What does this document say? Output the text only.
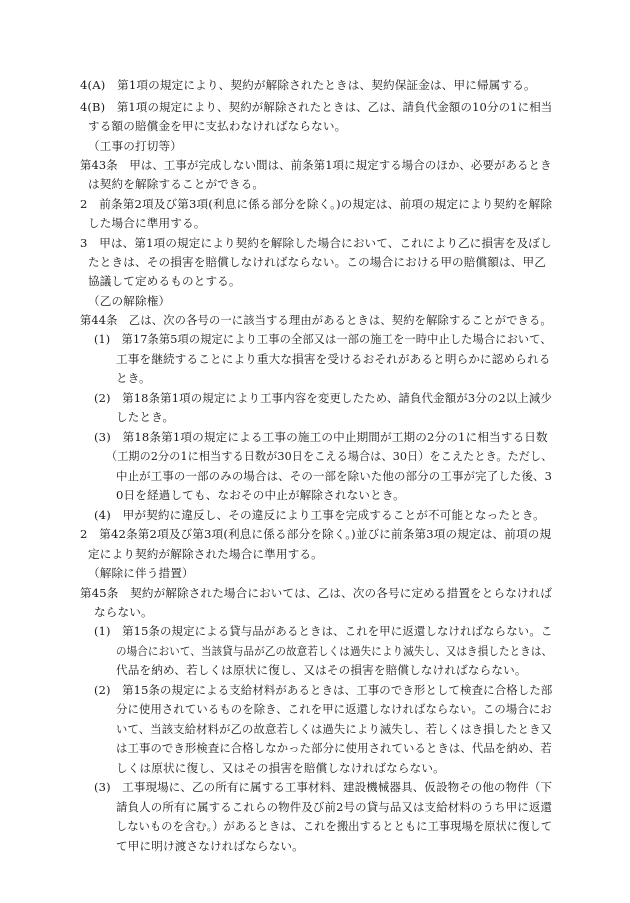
4(A)　第1項の規定により、契約が解除されたときは、契約保証金は、甲に帰属する。
4(B)　第1項の規定により、契約が解除されたときは、乙は、請負代金額の10分の1に相当
する額の賠償金を甲に支払わなければならない。
（工事の打切等）
第43条　甲は、工事が完成しない間は、前条第1項に規定する場合のほか、必要があるとき
は契約を解除することができる。
2　前条第2項及び第3項(利息に係る部分を除く。)の規定は、前項の規定により契約を解除
した場合に準用する。
3　甲は、第1項の規定により契約を解除した場合において、これにより乙に損害を及ぼし
たときは、その損害を賠償しなければならない。この場合における甲の賠償額は、甲乙
協議して定めるものとする。
（乙の解除権）
第44条　乙は、次の各号の一に該当する理由があるときは、契約を解除することができる。
(1)　第17条第5項の規定により工事の全部又は一部の施工を一時中止した場合において、
工事を継続することにより重大な損害を受けるおそれがあると明らかに認められる
とき。
(2)　第18条第1項の規定により工事内容を変更したため、請負代金額が3分の2以上減少
したとき。
(3)　第18条第1項の規定による工事の施工の中止期間が工期の2分の1に相当する日数
（工期の2分の1に相当する日数が30日をこえる場合は、30日）をこえたとき。ただし、
中止が工事の一部のみの場合は、その一部を除いた他の部分の工事が完了した後、3
0日を経過しても、なおその中止が解除されないとき。
(4)　甲が契約に違反し、その違反により工事を完成することが不可能となったとき。
2　第42条第2項及び第3項(利息に係る部分を除く。)並びに前条第3項の規定は、前項の規
定により契約が解除された場合に準用する。
（解除に伴う措置）
第45条　契約が解除された場合においては、乙は、次の各号に定める措置をとらなければ
ならない。
(1)　第15条の規定による貸与品があるときは、これを甲に返還しなければならない。こ
の場合において、当該貸与品が乙の故意若しくは過失により滅失し、又はき損したときは、
代品を納め、若しくは原状に復し、又はその損害を賠償しなければならない。
(2)　第15条の規定による支給材料があるときは、工事のでき形として検査に合格した部
分に使用されているものを除き、これを甲に返還しなければならない。この場合にお
いて、当該支給材料が乙の故意若しくは過失により滅失し、若しくはき損したとき又
は工事のでき形検査に合格しなかった部分に使用されているときは、代品を納め、若
しくは原状に復し、又はその損害を賠償しなければならない。
(3)　工事現場に、乙の所有に属する工事材料、建設機械器具、仮設物その他の物件（下
請負人の所有に属するこれらの物件及び前2号の貸与品又は支給材料のうち甲に返還
しないものを含む。）があるときは、これを搬出するとともに工事現場を原状に復して
て甲に明け渡さなければならない。
